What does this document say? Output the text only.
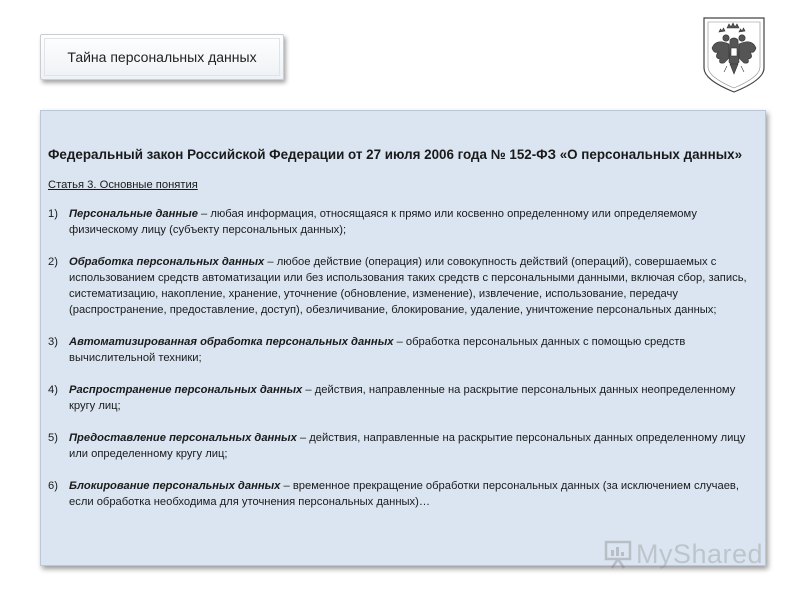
Тайна персональных данных
Федеральный закон Российской Федерации от 27 июля 2006 года № 152-ФЗ «О персональных данных»
Статья 3. Основные понятия
1) Персональные данные – любая информация, относящаяся к прямо или косвенно определенному или определяемому физическому лицу (субъекту персональных данных);
2) Обработка персональных данных – любое действие (операция) или совокупность действий (операций), совершаемых с использованием средств автоматизации или без использования таких средств с персональными данными, включая сбор, запись, систематизацию, накопление, хранение, уточнение (обновление, изменение), извлечение, использование, передачу (распространение, предоставление, доступ), обезличивание, блокирование, удаление, уничтожение персональных данных;
3) Автоматизированная обработка персональных данных – обработка персональных данных с помощью средств вычислительной техники;
4) Распространение персональных данных – действия, направленные на раскрытие персональных данных неопределенному кругу лиц;
5) Предоставление персональных данных – действия, направленные на раскрытие персональных данных определенному лицу или определенному кругу лиц;
6) Блокирование персональных данных – временное прекращение обработки персональных данных (за исключением случаев, если обработка необходима для уточнения персональных данных)…
MyShared
